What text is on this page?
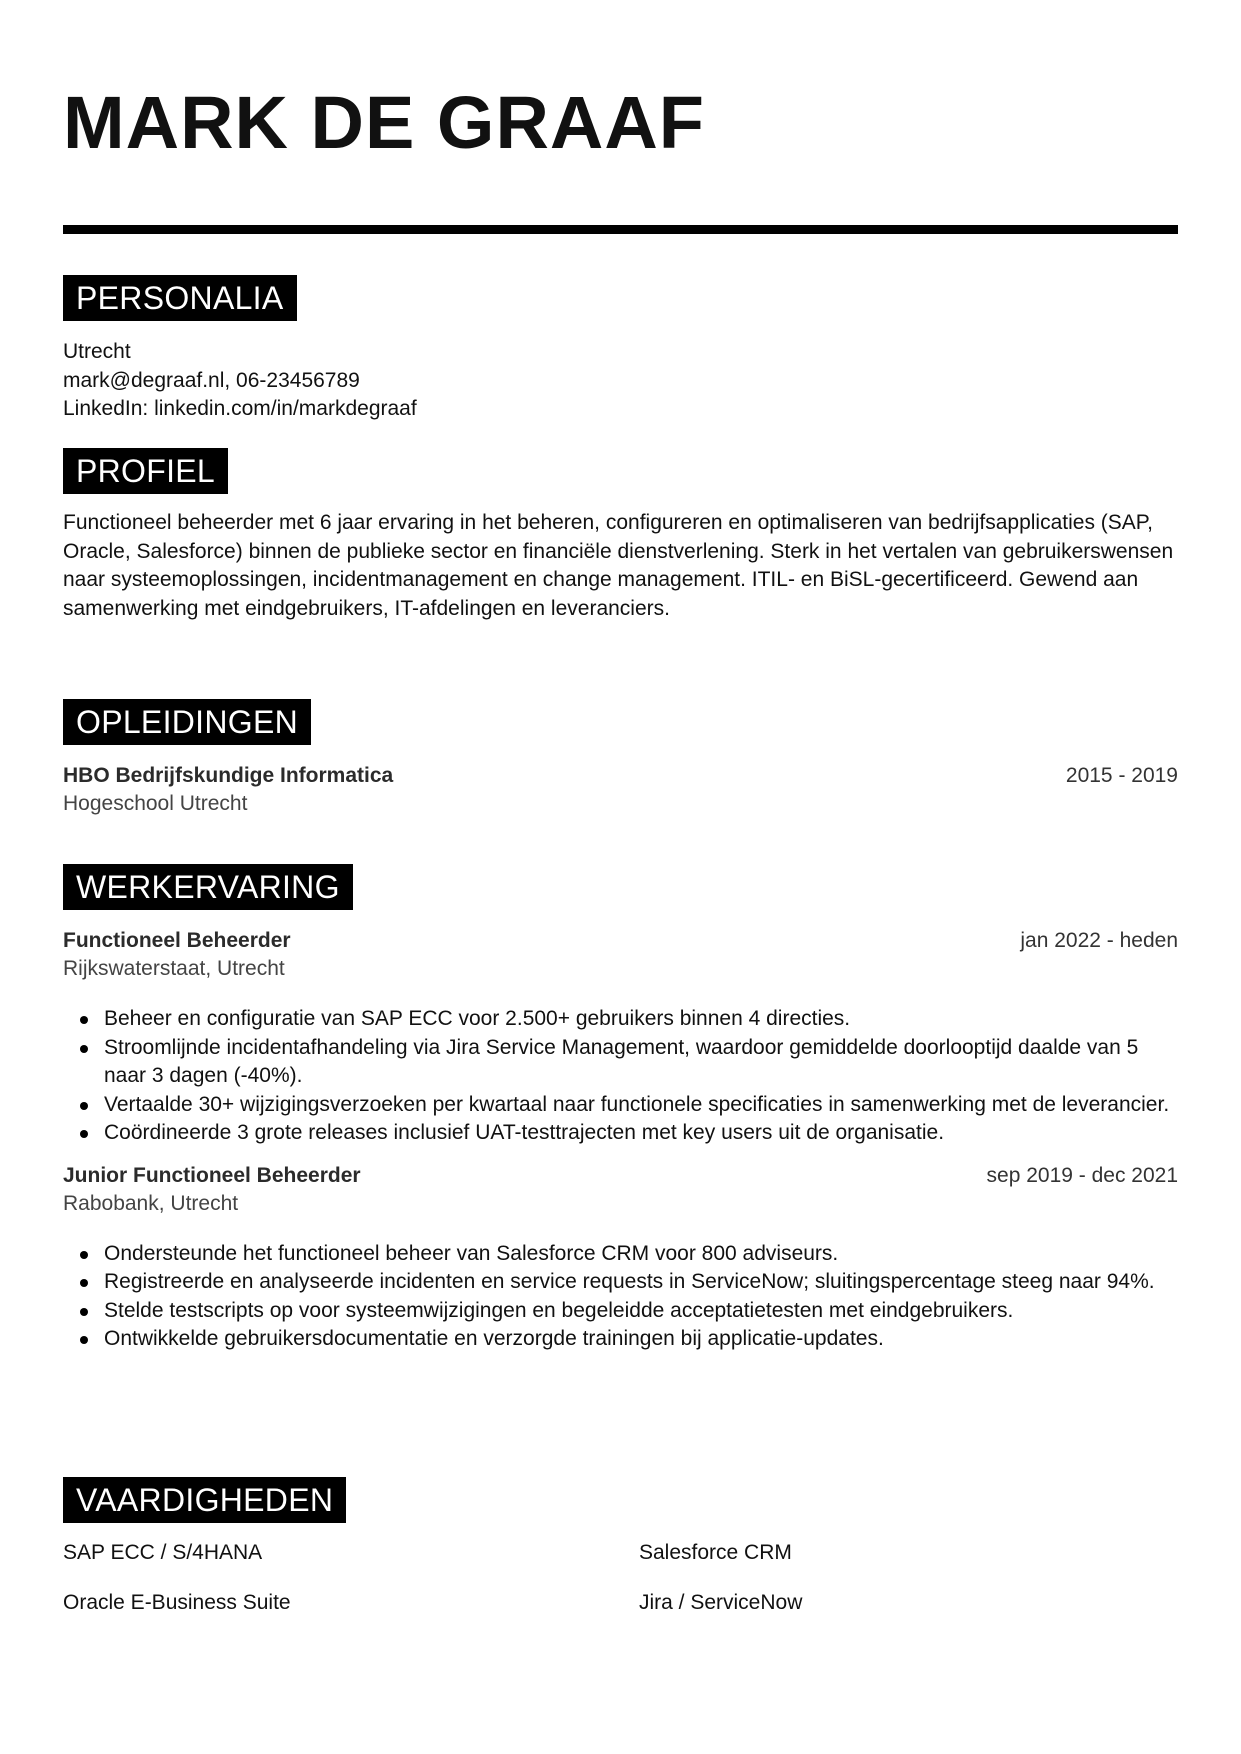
MARK DE GRAAF
PERSONALIA

Utrecht

mark@degraaf.nl, 06-23456789

LinkedIn: linkedin.com/in/markdegraaf

PROFIEL

Functioneel beheerder met 6 jaar ervaring in het beheren, configureren en optimaliseren van bedrijfsapplicaties (SAP, Oracle, Salesforce) binnen de publieke sector en financiële dienstverlening. Sterk in het vertalen van gebruikerswensen naar systeemoplossingen, incidentmanagement en change management. ITIL- en BiSL-gecertificeerd. Gewend aan samenwerking met eindgebruikers, IT-afdelingen en leveranciers.

OPLEIDINGEN
HBO Bedrijfskundige Informatica	2015 - 2019
Hogeschool Utrecht
WERKERVARING
Functioneel Beheerder	jan 2022 - heden
Rijkswaterstaat, Utrecht
Beheer en configuratie van SAP ECC voor 2.500+ gebruikers binnen 4 directies.
Stroomlijnde incidentafhandeling via Jira Service Management, waardoor gemiddelde doorlooptijd daalde van 5 naar 3 dagen (-40%).
Vertaalde 30+ wijzigingsverzoeken per kwartaal naar functionele specificaties in samenwerking met de leverancier.
Coördineerde 3 grote releases inclusief UAT-testtrajecten met key users uit de organisatie.
Junior Functioneel Beheerder	sep 2019 - dec 2021
Rabobank, Utrecht
Ondersteunde het functioneel beheer van Salesforce CRM voor 800 adviseurs.
Registreerde en analyseerde incidenten en service requests in ServiceNow; sluitingspercentage steeg naar 94%.
Stelde testscripts op voor systeemwijzigingen en begeleidde acceptatietesten met eindgebruikers.
Ontwikkelde gebruikersdocumentatie en verzorgde trainingen bij applicatie-updates.
VAARDIGHEDEN
SAP ECC / S/4HANA	Salesforce CRM
Oracle E-Business Suite	Jira / ServiceNow
